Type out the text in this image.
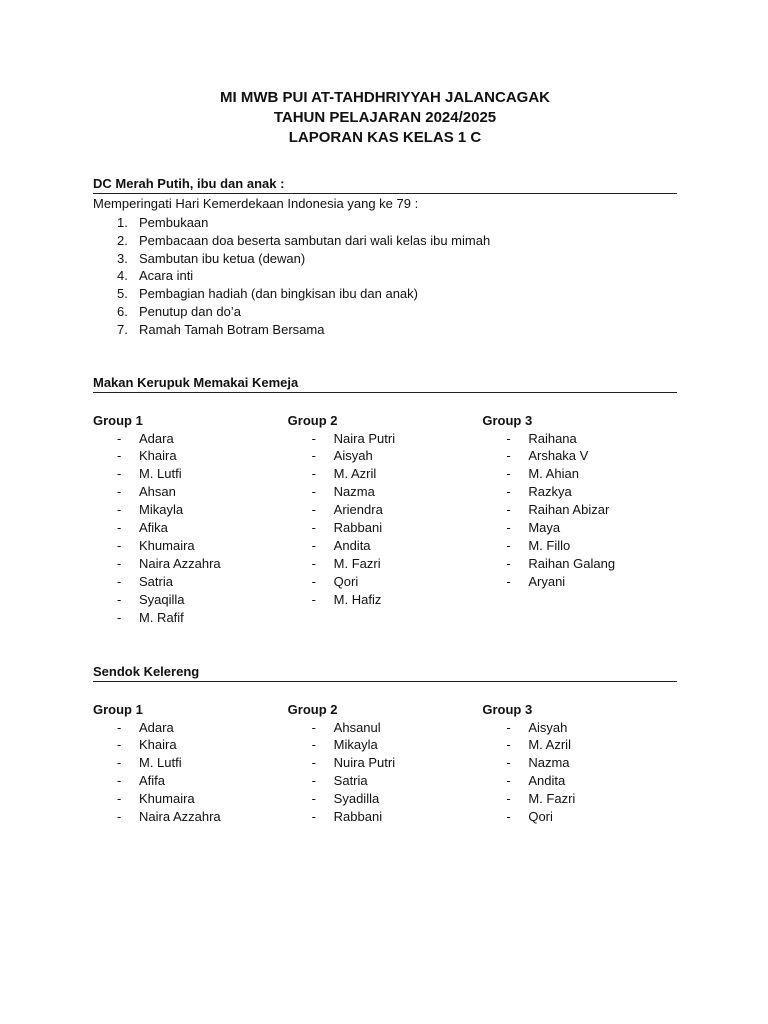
MI MWB PUI AT-TAHDHRIYYAH JALANCAGAK
TAHUN PELAJARAN 2024/2025
LAPORAN KAS KELAS 1 C
DC Merah Putih, ibu dan anak :
Memperingati Hari Kemerdekaan Indonesia yang ke 79 :
1. Pembukaan
2. Pembacaan doa beserta sambutan dari wali kelas ibu mimah
3. Sambutan ibu ketua (dewan)
4. Acara inti
5. Pembagian hadiah (dan bingkisan ibu dan anak)
6. Penutup dan do’a
7. Ramah Tamah Botram Bersama
Makan Kerupuk Memakai Kemeja
Group 1
-	Adara
-	Khaira
-	M. Lutfi
-	Ahsan
-	Mikayla
-	Afika
-	Khumaira
-	Naira Azzahra
-	Satria
-	Syaqilla
-	M. Rafif
Group 2
-	Naira Putri
-	Aisyah
-	M. Azril
-	Nazma
-	Ariendra
-	Rabbani
-	Andita
-	M. Fazri
-	Qori
-	M. Hafiz
Group 3
-	Raihana
-	Arshaka V
-	M. Ahian
-	Razkya
-	Raihan Abizar
-	Maya
-	M. Fillo
-	Raihan Galang
-	Aryani
Sendok Kelereng
Group 1
-	Adara
-	Khaira
-	M. Lutfi
-	Afifa
-	Khumaira
-	Naira Azzahra
Group 2
-	Ahsanul
-	Mikayla
-	Nuira Putri
-	Satria
-	Syadilla
-	Rabbani
Group 3
-	Aisyah
-	M. Azril
-	Nazma
-	Andita
-	M. Fazri
-	Qori
